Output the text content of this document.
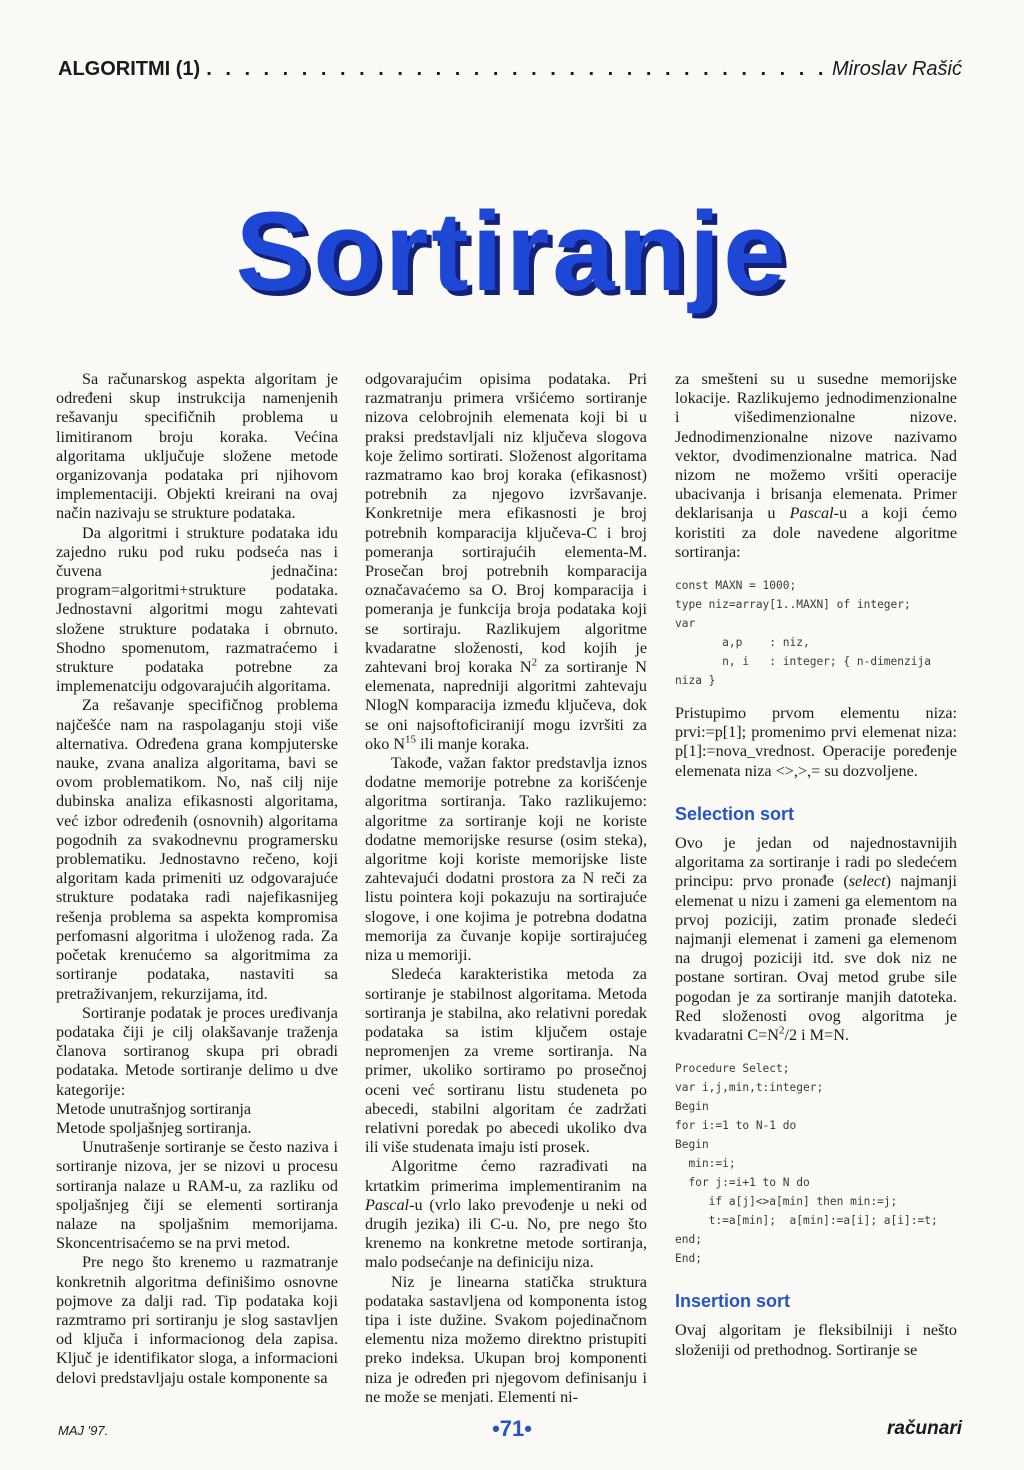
ALGORITMI (1)
. . .	Miroslav Rašić
Sortiranje

Sa računarskog aspekta algoritam je određeni skup instrukcija namenjenih rešavanju specifičnih problema u limitiranom broju koraka. Većina algoritama uključuje složene metode organizovanja podataka pri njihovom implementaciji. Objekti kreirani na ovaj način nazivaju se strukture podataka.

Da algoritmi i strukture podataka idu zajedno ruku pod ruku podseća nas i čuvena jednačina: program=algoritmi+strukture podataka. Jednostavni algoritmi mogu zahtevati složene strukture podataka i obrnuto. Shodno spomenutom, razmatraćemo i strukture podataka potrebne za implemenatciju odgovarajućih algoritama.

Za rešavanje specifičnog problema najčešće nam na raspolaganju stoji više alternativa. Određena grana kompjuterske nauke, zvana analiza algoritama, bavi se ovom problematikom. No, naš cilj nije dubinska analiza efikasnosti algoritama, već izbor određenih (osnovnih) algoritama pogodnih za svakodnevnu programersku problematiku. Jednostavno rečeno, koji algoritam kada primeniti uz odgovarajuće strukture podataka radi najefikasnijeg rešenja problema sa aspekta kompromisa perfomasni algoritma i uloženog rada. Za početak krenućemo sa algoritmima za sortiranje podataka, nastaviti sa pretraživanjem, rekurzijama, itd.

Sortiranje podatak je proces uređivanja podataka čiji je cilj olakšavanje traženja članova sortiranog skupa pri obradi podataka. Metode sortiranje delimo u dve kategorije:

Metode unutrašnjog sortiranja

Metode spoljašnjeg sortiranja.

Unutrašenje sortiranje se često naziva i sortiranje nizova, jer se nizovi u procesu sortiranja nalaze u RAM-u, za razliku od spoljašnjeg čiji se elementi sortiranja nalaze na spoljašnim memorijama. Skoncentrisaćemo se na prvi metod.

Pre nego što krenemo u razmatranje konkretnih algoritma definišimo osnovne pojmove za dalji rad. Tip podataka koji razmtramo pri sortiranju je slog sastavljen od ključa i informacionog dela zapisa. Ključ je identifikator sloga, a informacioni delovi predstavljaju ostale komponente sa

odgovarajućim opisima podataka. Pri razmatranju primera vršićemo sortiranje nizova celobrojnih elemenata koji bi u praksi predstavljali niz ključeva slogova koje želimo sortirati. Složenost algoritama razmatramo kao broj koraka (efikasnost) potrebnih za njegovo izvršavanje. Konkretnije mera efikasnosti je broj potrebnih komparacija ključeva-C i broj pomeranja sortirajućih elementa-M. Prosečan broj potrebnih komparacija označavaćemo sa O. Broj komparacija i pomeranja je funkcija broja podataka koji se sortiraju. Razlikujem algoritme kvadaratne složenosti, kod kojih je zahtevani broj koraka $N^2$ za sortiranje N elemenata, napredniji algoritmi zahtevaju NlogN komparacija između ključeva, dok se oni najsoftoficiranijí mogu izvršiti za oko $N^{15}$ ili manje koraka.

Takođe, važan faktor predstavlja iznos dodatne memorije potrebne za korišćenje algoritma sortiranja. Tako razlikujemo: algoritme za sortiranje koji ne koriste dodatne memorijske resurse (osim steka), algoritme koji koriste memorijske liste zahtevajući dodatni prostora za N reči za listu pointera koji pokazuju na sortirajuće slogove, i one kojima je potrebna dodatna memorija za čuvanje kopije sortirajućeg niza u memoriji.

Sledeća karakteristika metoda za sortiranje je stabilnost algoritama. Metoda sortiranja je stabilna, ako relativni poredak podataka sa istim ključem ostaje nepromenjen za vreme sortiranja. Na primer, ukoliko sortiramo po prosečnoj oceni već sortiranu listu studeneta po abecedi, stabilni algoritam će zadržati relativni poredak po abecedi ukoliko dva ili više studenata imaju isti prosek.

Algoritme ćemo razrađivati na krtatkim primerima implementiranim na Pascal-u (vrlo lako prevođenje u neki od drugih jezika) ili C-u. No, pre nego što krenemo na konkretne metode sortiranja, malo podsećanje na definiciju niza.

Niz je linearna statička struktura podataka sastavljena od komponenta istog tipa i iste dužine. Svakom pojedinačnom elementu niza možemo direktno pristupiti preko indeksa. Ukupan broj komponenti niza je određen pri njegovom definisanju i ne može se menjati. Elementi ni-

za smešteni su u susedne memorijske lokacije. Razlikujemo jednodimenzionalne i višedimenzionalne nizove. Jednodimenzionalne nizove nazivamo vektor, dvodimenzionalne matrica. Nad nizom ne možemo vršiti operacije ubacivanja i brisanja elemenata. Primer deklarisanja u Pascal-u a koji ćemo koristiti za dole navedene algoritme sortiranja:

const MAXN = 1000;
type niz=array[1..MAXN] of integer;
var
a,p    : niz,
n, i   : integer; { n-dimenzija
niza }

Pristupimo prvom elementu niza: prvi:=p[1]; promenimo prvi elemenat niza: p[1]:=nova_vrednost. Operacije poređenje elemenata niza <>,>,= su dozvoljene.

Selection sort

Ovo je jedan od najednostavnijih algoritama za sortiranje i radi po sledećem principu: prvo pronađe (select) najmanji elemenat u nizu i zameni ga elementom na prvoj poziciji, zatim pronađe sledeći najmanji elemenat i zameni ga elemenom na drugoj poziciji itd. sve dok niz ne postane sortiran. Ovaj metod grube sile pogodan je za sortiranje manjih datoteka. Red složenosti ovog algoritma je kvadaratni $C=N^2/2$ i M=N.

Procedure Select;
var i,j,min,t:integer;
Begin
for i:=1 to N-1 do
Begin
min:=i;
for j:=i+1 to N do
if a[j]<>a[min] then min:=j;
t:=a[min];  a[min]:=a[i]; a[i]:=t;
end;
End;
Insertion sort

Ovaj algoritam je fleksibilniji i nešto složeniji od prethodnog. Sortiranje se

MAJ '97.	•71•	računari
